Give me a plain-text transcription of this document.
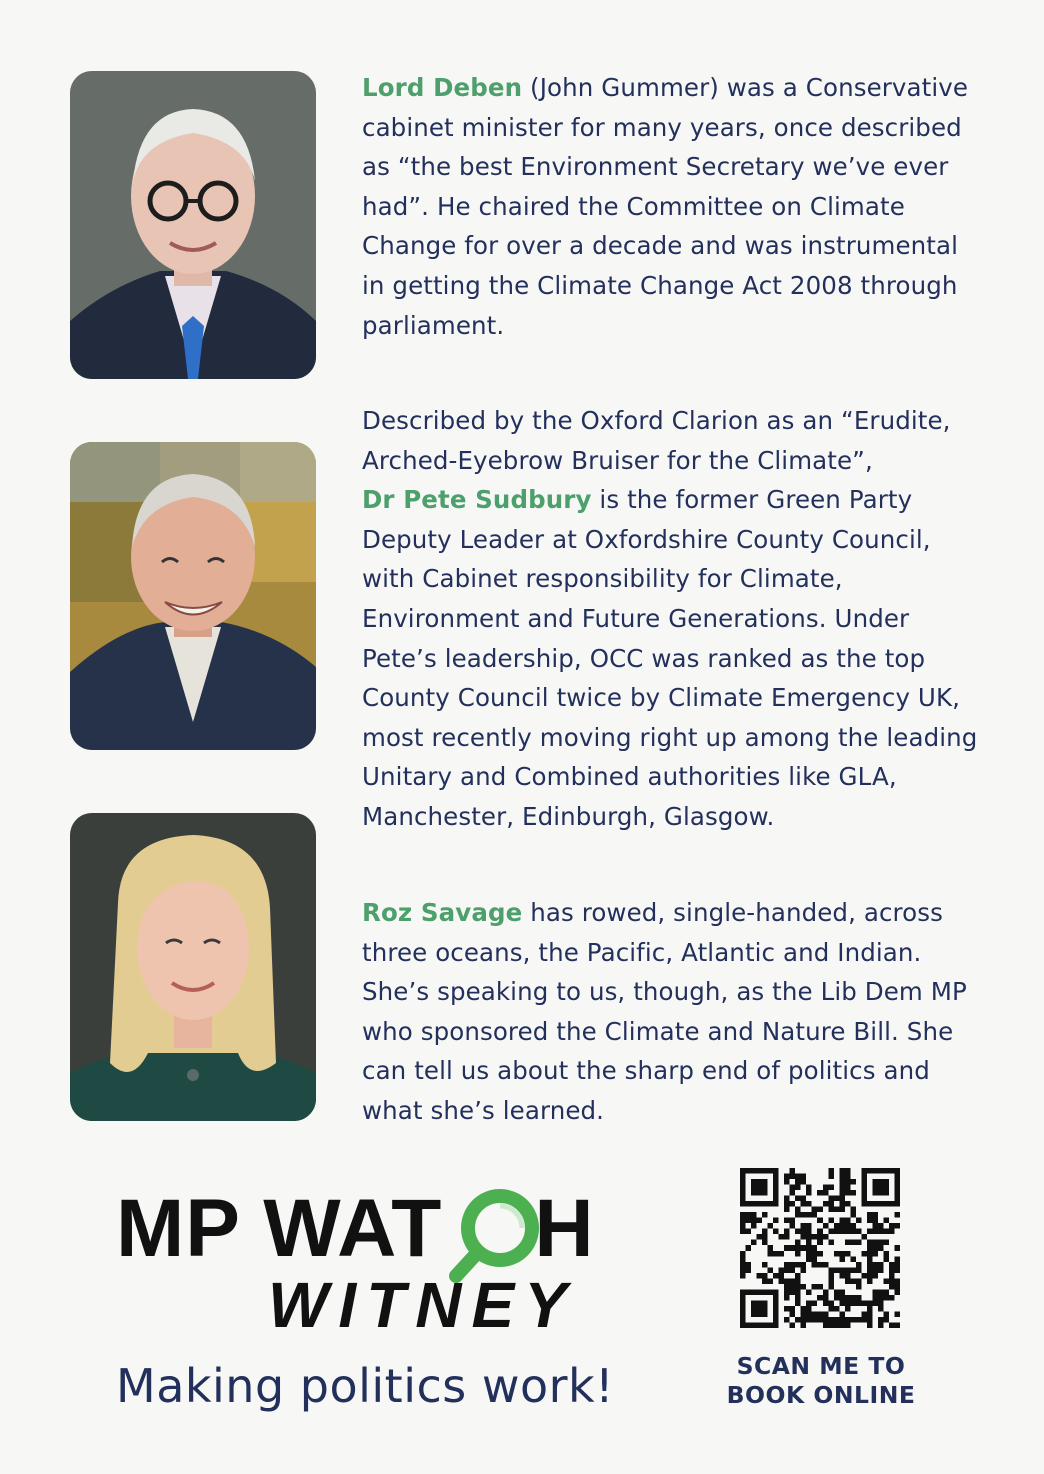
Lord Deben (John Gummer) was a Conservative cabinet minister for many years, once described as “the best Environment Secretary we’ve ever had”. He chaired the Committee on Climate Change for over a decade and was instrumental in getting the Climate Change Act 2008 through parliament.

Described by the Oxford Clarion as an “Erudite, Arched-Eyebrow Bruiser for the Climate”,
Dr Pete Sudbury is the former Green Party Deputy Leader at Oxfordshire County Council, with Cabinet responsibility for Climate, Environment and Future Generations. Under Pete’s leadership, OCC was ranked as the top County Council twice by Climate Emergency UK, most recently moving right up among the leading Unitary and Combined authorities like GLA, Manchester, Edinburgh, Glasgow.

Roz Savage has rowed, single-handed, across three oceans, the Pacific, Atlantic and Indian. She’s speaking to us, though, as the Lib Dem MP who sponsored the Climate and Nature Bill. She can tell us about the sharp end of politics and what she’s learned.

MP WAT H
WITNEY
Making politics work!	SCAN ME TO
BOOK ONLINE
